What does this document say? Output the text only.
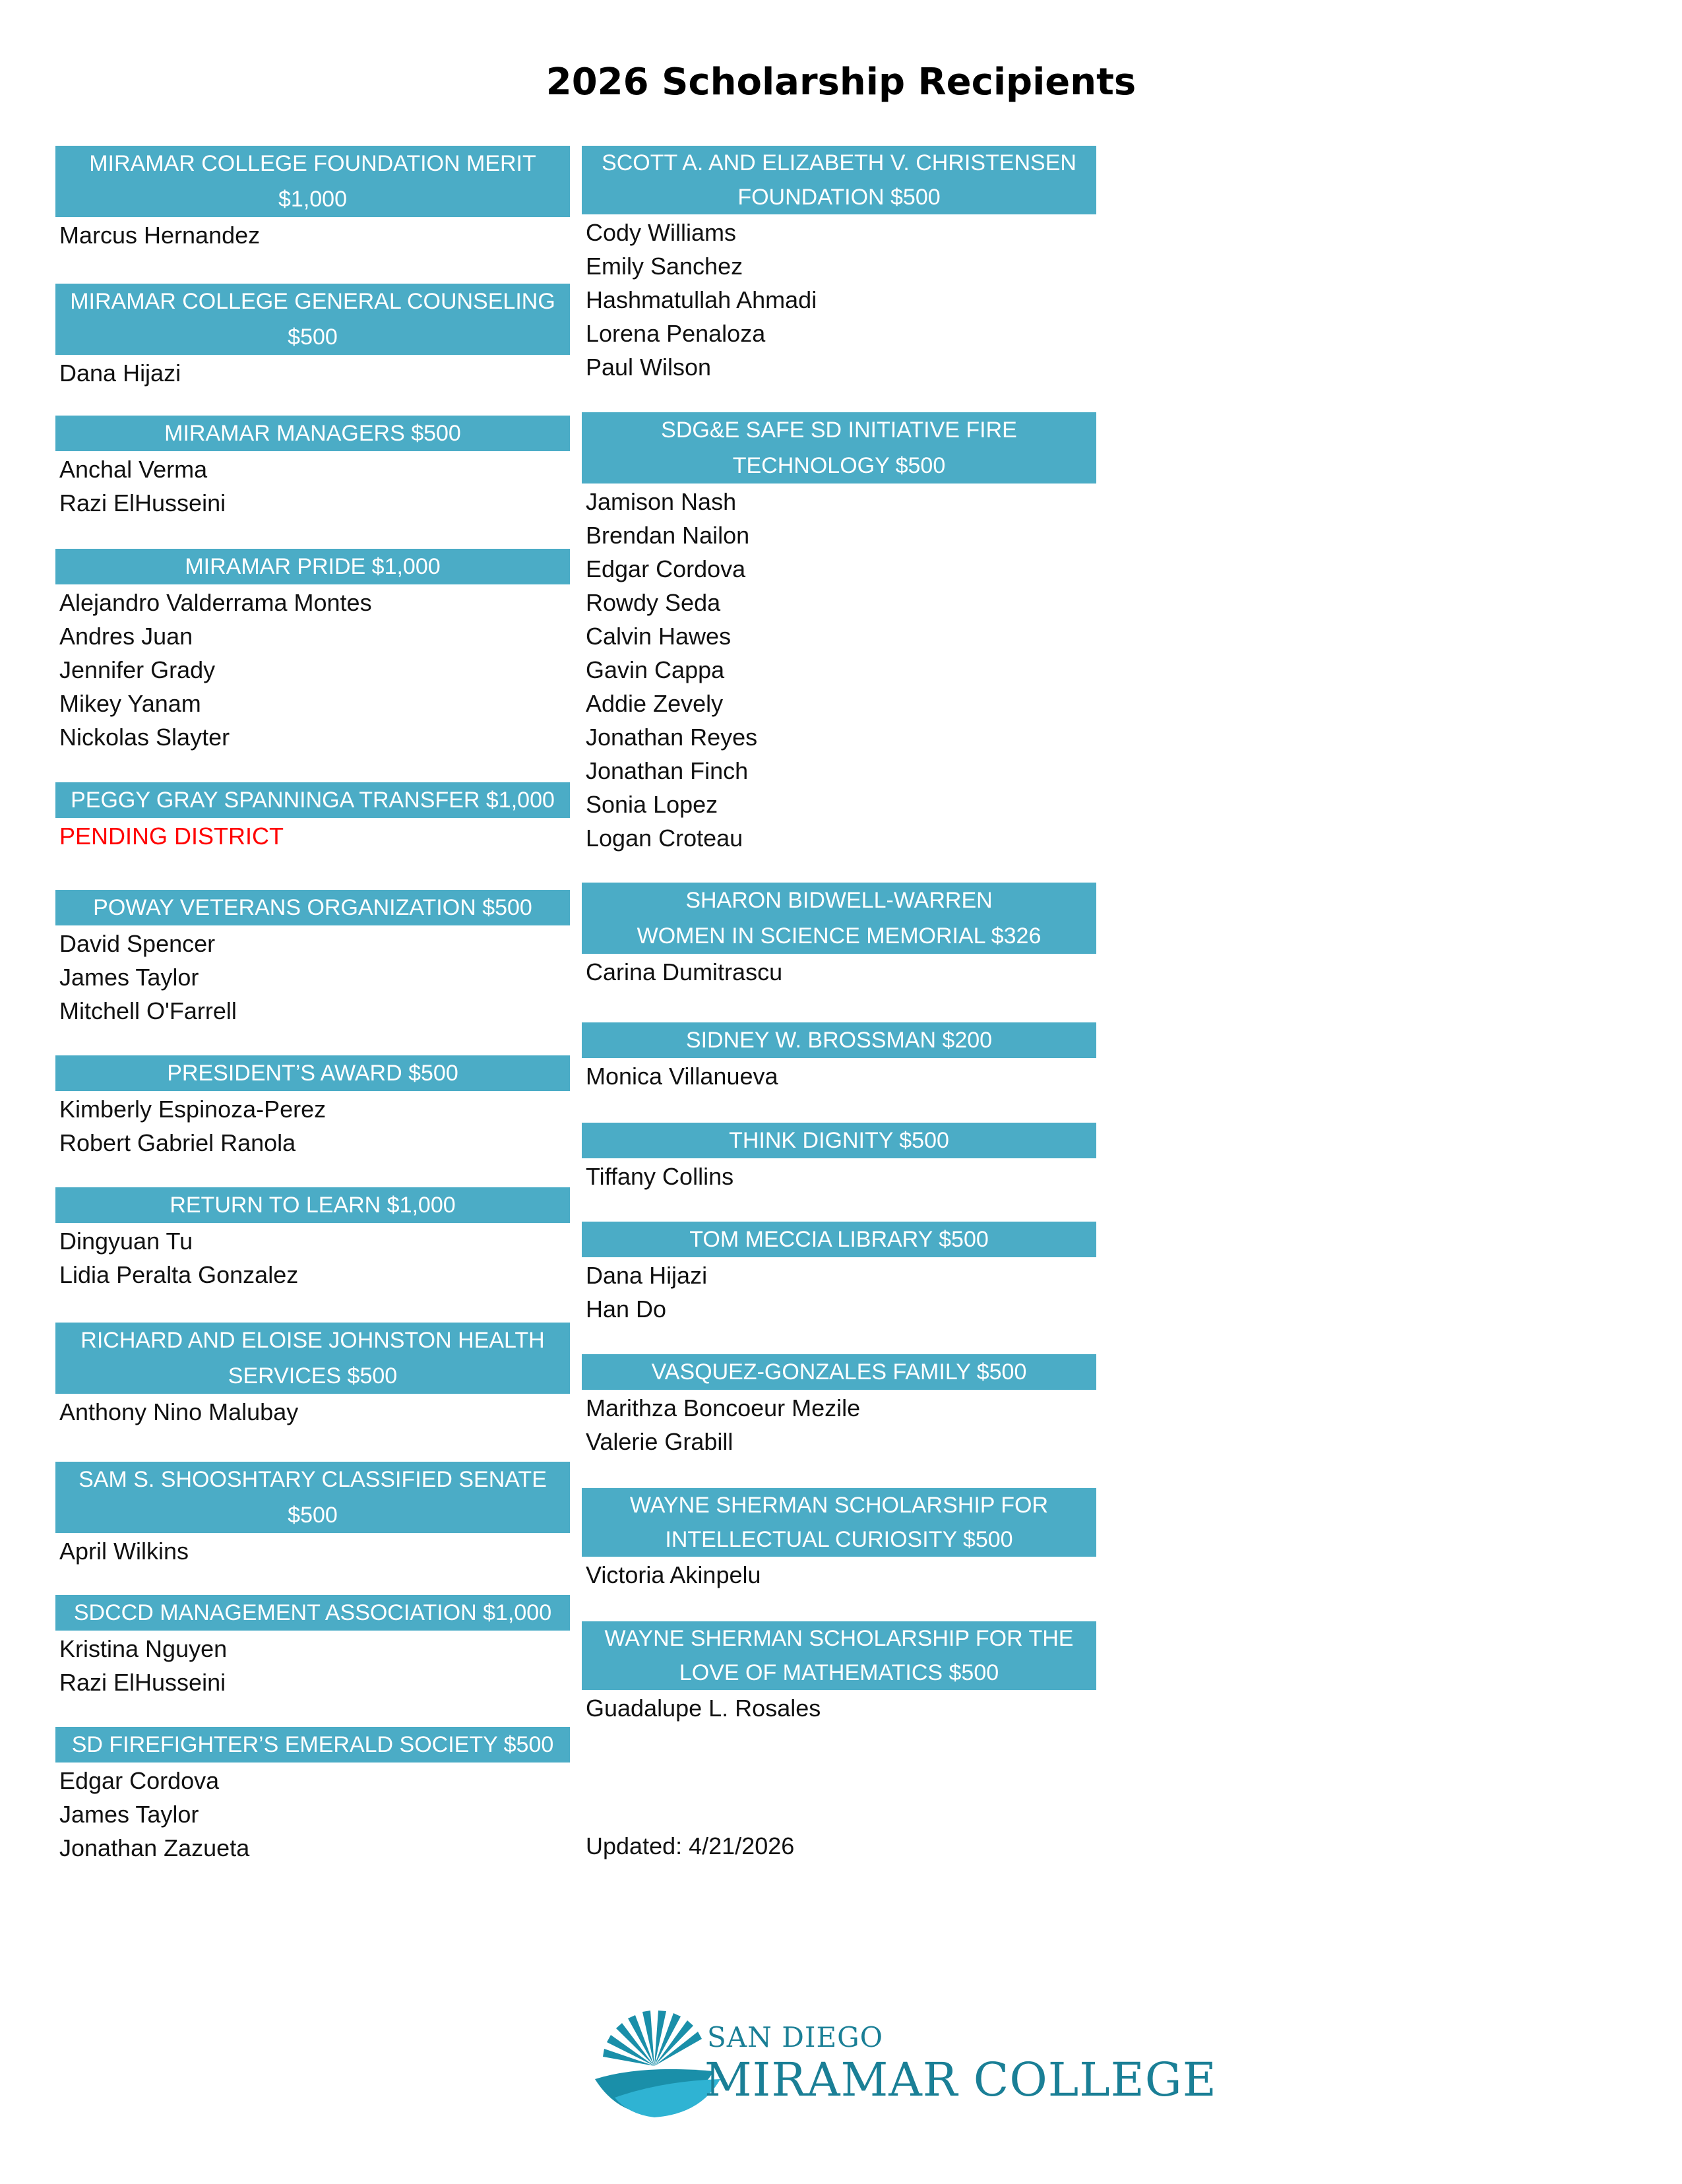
2026 Scholarship Recipients
MIRAMAR COLLEGE FOUNDATION MERIT
$1,000
Marcus Hernandez
MIRAMAR COLLEGE GENERAL COUNSELING
$500
Dana Hijazi
MIRAMAR MANAGERS $500
Anchal Verma
Razi ElHusseini
MIRAMAR PRIDE $1,000
Alejandro Valderrama Montes
Andres Juan
Jennifer Grady
Mikey Yanam
Nickolas Slayter
PEGGY GRAY SPANNINGA TRANSFER $1,000
PENDING DISTRICT
POWAY VETERANS ORGANIZATION $500
David Spencer
James Taylor
Mitchell O'Farrell
PRESIDENT’S AWARD $500
Kimberly Espinoza-Perez
Robert Gabriel Ranola
RETURN TO LEARN $1,000
Dingyuan Tu
Lidia Peralta Gonzalez
RICHARD AND ELOISE JOHNSTON HEALTH
SERVICES $500
Anthony Nino Malubay
SAM S. SHOOSHTARY CLASSIFIED SENATE
$500
April Wilkins
SDCCD MANAGEMENT ASSOCIATION $1,000
Kristina Nguyen
Razi ElHusseini
SD FIREFIGHTER’S EMERALD SOCIETY $500
Edgar Cordova
James Taylor
Jonathan Zazueta
SCOTT A. AND ELIZABETH V. CHRISTENSEN
FOUNDATION $500
Cody Williams
Emily Sanchez
Hashmatullah Ahmadi
Lorena Penaloza
Paul Wilson
SDG&E SAFE SD INITIATIVE FIRE
TECHNOLOGY $500
Jamison Nash
Brendan Nailon
Edgar Cordova
Rowdy Seda
Calvin Hawes
Gavin Cappa
Addie Zevely
Jonathan Reyes
Jonathan Finch
Sonia Lopez
Logan Croteau
SHARON BIDWELL-WARREN
WOMEN IN SCIENCE MEMORIAL $326
Carina Dumitrascu
SIDNEY W. BROSSMAN $200
Monica Villanueva
THINK DIGNITY $500
Tiffany Collins
TOM MECCIA LIBRARY $500
Dana Hijazi
Han Do
VASQUEZ-GONZALES FAMILY $500
Marithza Boncoeur Mezile
Valerie Grabill
WAYNE SHERMAN SCHOLARSHIP FOR
INTELLECTUAL CURIOSITY $500
Victoria Akinpelu
WAYNE SHERMAN SCHOLARSHIP FOR THE
LOVE OF MATHEMATICS $500
Guadalupe L. Rosales
Updated: 4/21/2026
SAN DIEGO
MIRAMAR COLLEGE
